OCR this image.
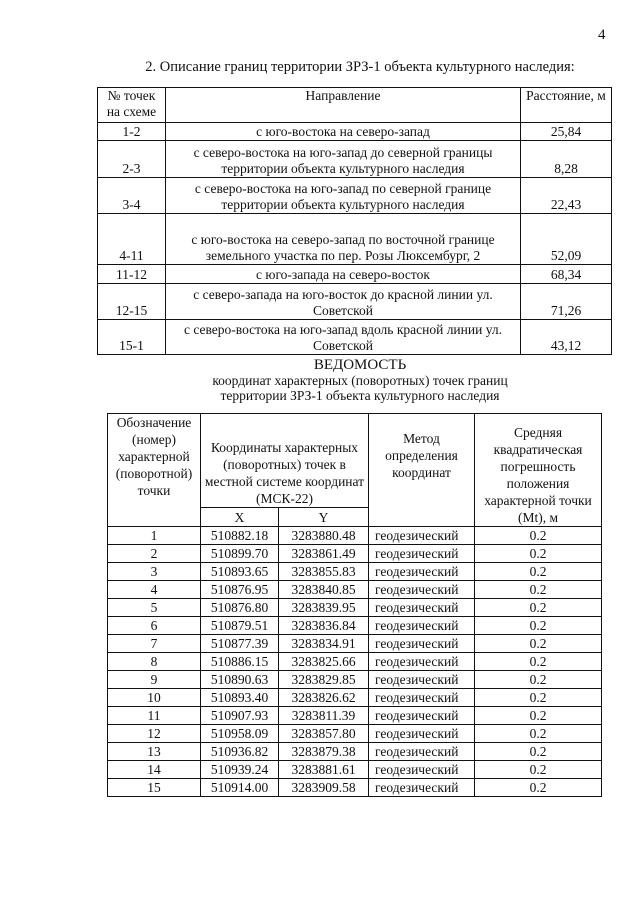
4
2. Описание границ территории ЗРЗ-1 объекта культурного наследия:
№ точек на схеме	Направление	Расстояние, м
1-2	с юго-востока на северо-запад	25,84
2-3	с северо-востока на юго-запад до северной границы территории объекта культурного наследия	8,28
3-4	с северо-востока на юго-запад по северной границе территории объекта культурного наследия	22,43
4-11	с юго-востока на северо-запад по восточной границе земельного участка по пер. Розы Люксембург, 2	52,09
11-12	с юго-запада на северо-восток	68,34
12-15	с северо-запада на юго-восток до красной линии ул. Советской	71,26
15-1	с северо-востока на юго-запад вдоль красной линии ул. Советской	43,12
ВЕДОМОСТЬ
координат характерных (поворотных) точек границ
территории ЗРЗ-1 объекта культурного наследия
Обозначение (номер) характерной (поворотной) точки	Координаты характерных (поворотных) точек в местной системе координат (МСК-22)		Метод определения координат	Средняя квадратическая погрешность положения характерной точки (Mt), м
	X	Y		
1	510882.18	3283880.48	геодезический	0.2
2	510899.70	3283861.49	геодезический	0.2
3	510893.65	3283855.83	геодезический	0.2
4	510876.95	3283840.85	геодезический	0.2
5	510876.80	3283839.95	геодезический	0.2
6	510879.51	3283836.84	геодезический	0.2
7	510877.39	3283834.91	геодезический	0.2
8	510886.15	3283825.66	геодезический	0.2
9	510890.63	3283829.85	геодезический	0.2
10	510893.40	3283826.62	геодезический	0.2
11	510907.93	3283811.39	геодезический	0.2
12	510958.09	3283857.80	геодезический	0.2
13	510936.82	3283879.38	геодезический	0.2
14	510939.24	3283881.61	геодезический	0.2
15	510914.00	3283909.58	геодезический	0.2
